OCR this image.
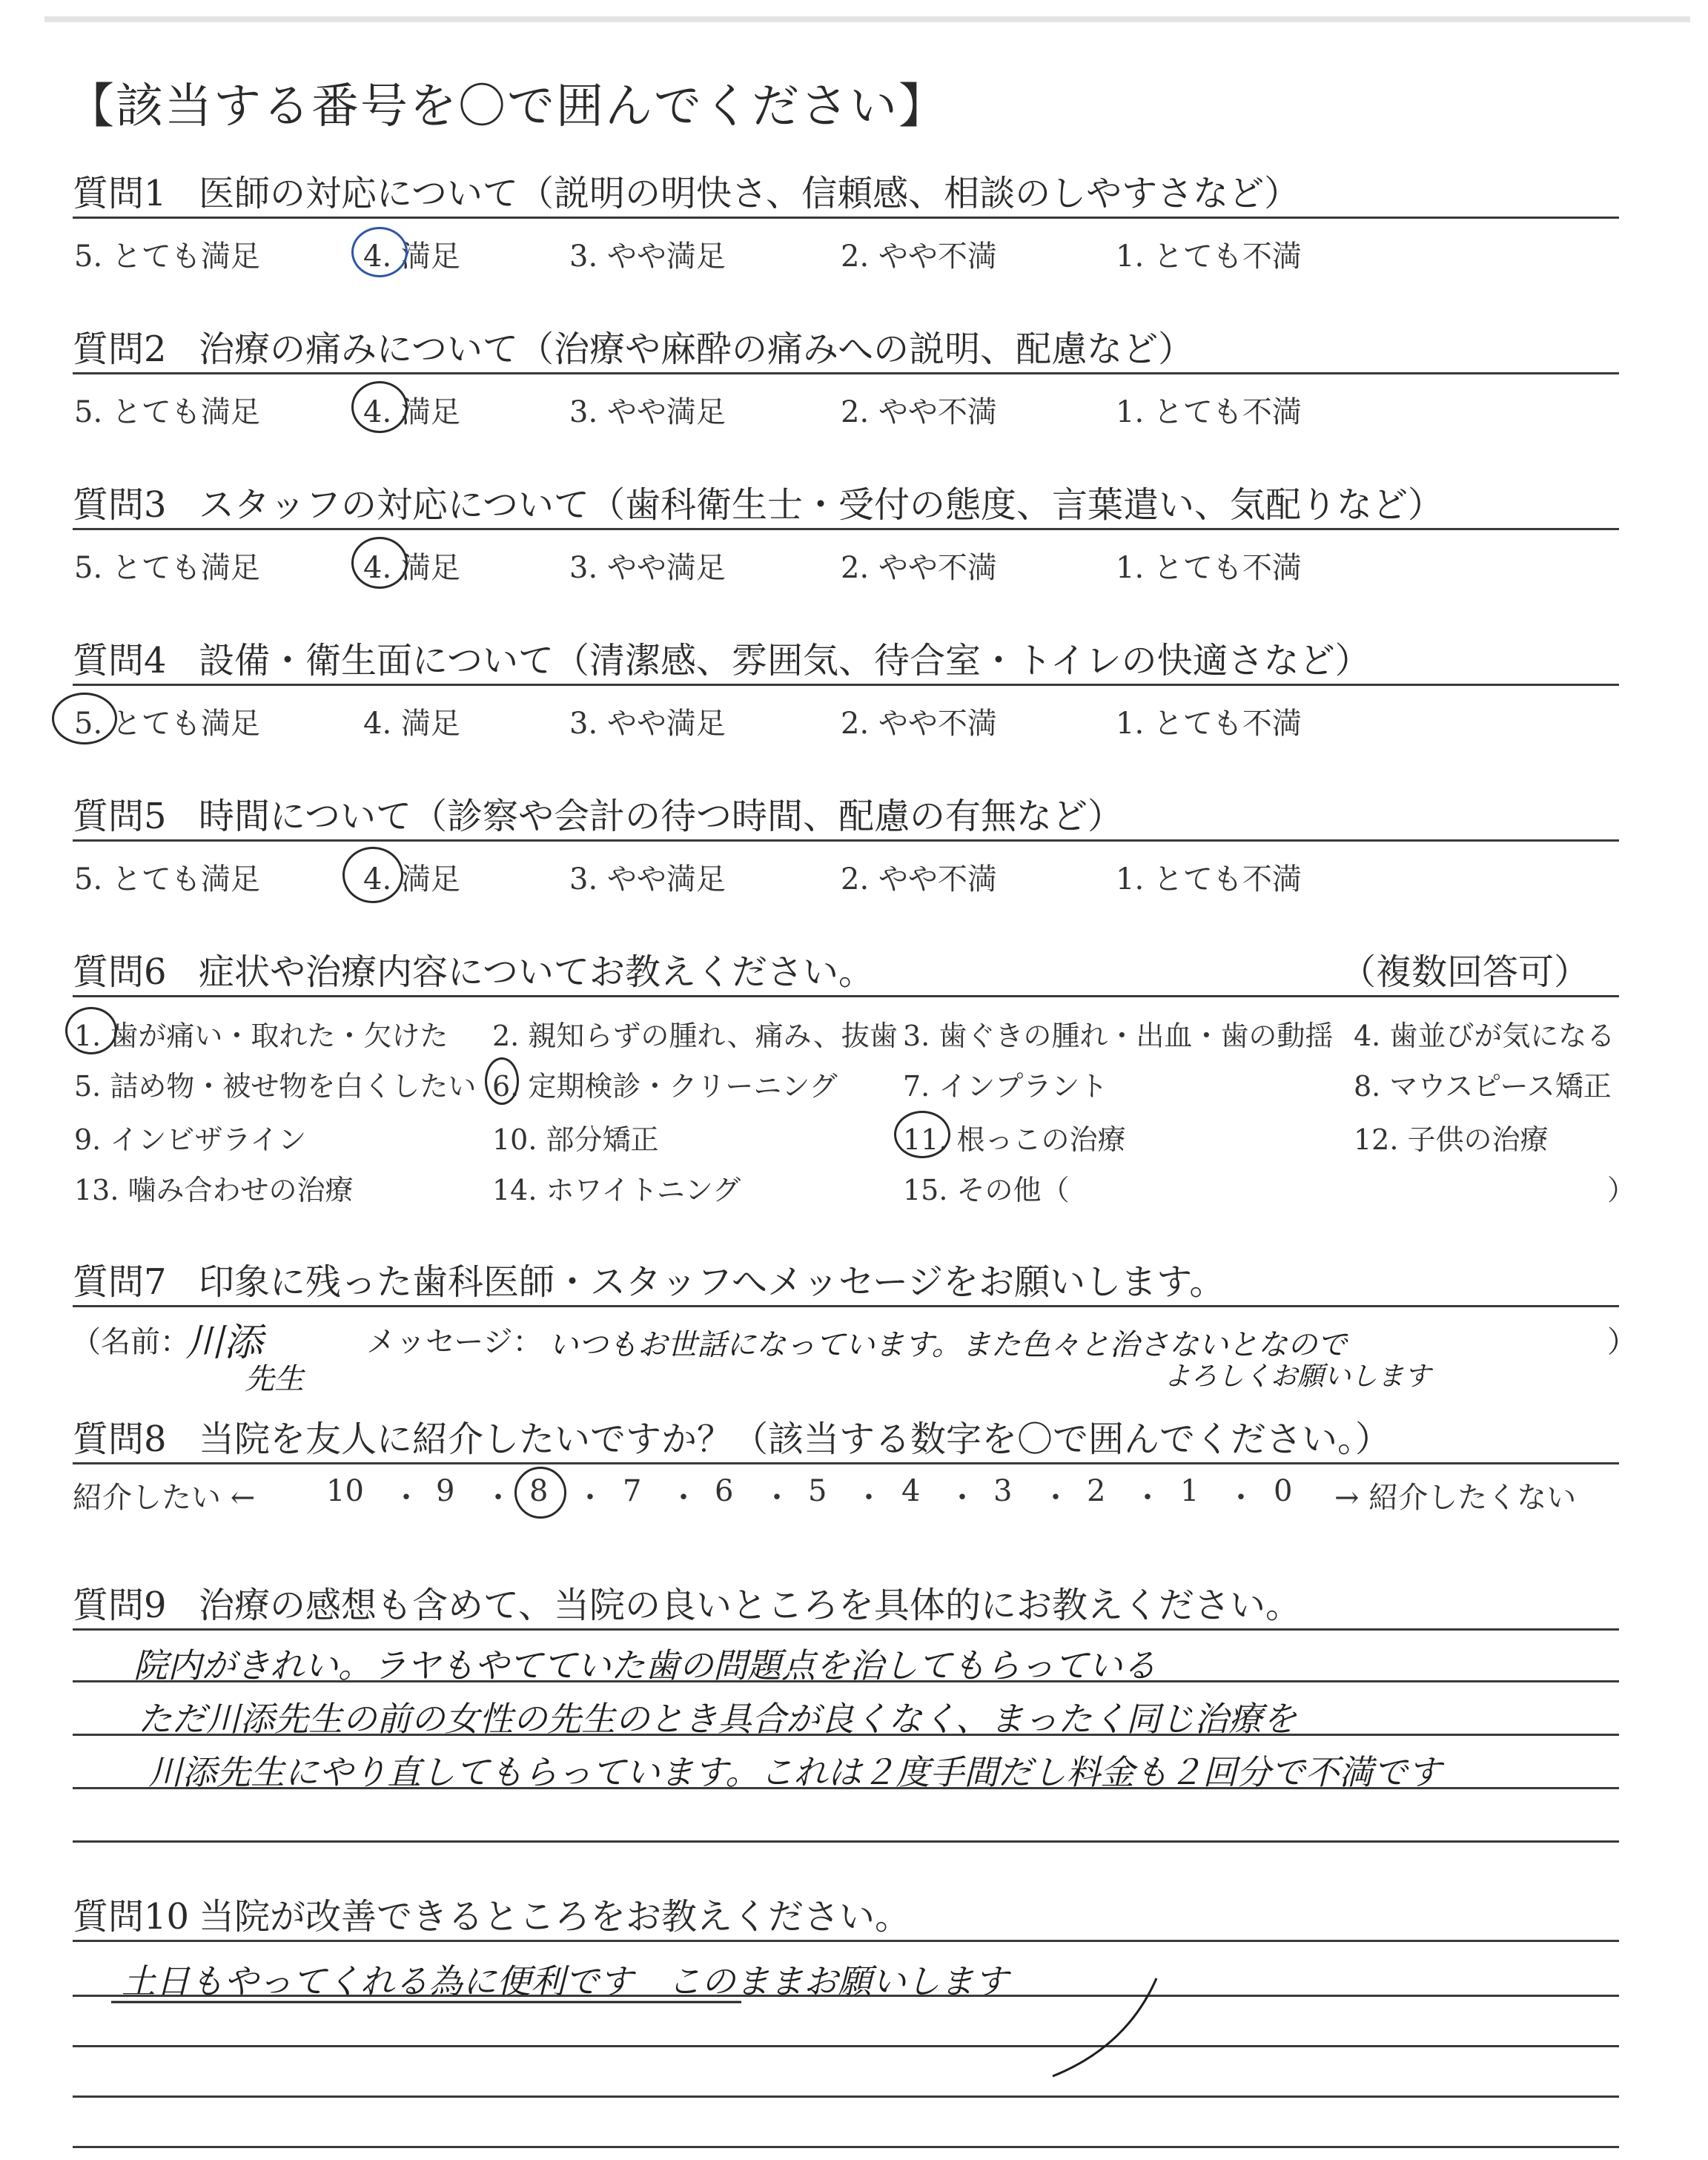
【該当する番号を〇で囲んでください】
質問1 医師の対応について（説明の明快さ、信頼感、相談のしやすさなど）
5. とても満足	4. 満足	3. やや満足	2. やや不満	1. とても不満
質問2 治療の痛みについて（治療や麻酔の痛みへの説明、配慮など）
5. とても満足	4. 満足	3. やや満足	2. やや不満	1. とても不満
質問3 スタッフの対応について（歯科衛生士・受付の態度、言葉遣い、気配りなど）
5. とても満足	4. 満足	3. やや満足	2. やや不満	1. とても不満
質問4 設備・衛生面について（清潔感、雰囲気、待合室・トイレの快適さなど）
5. とても満足	4. 満足	3. やや満足	2. やや不満	1. とても不満
質問5 時間について（診察や会計の待つ時間、配慮の有無など）
5. とても満足	4. 満足	3. やや満足	2. やや不満	1. とても不満
質問6 症状や治療内容についてお教えください。	（複数回答可）
1. 歯が痛い・取れた・欠けた 2. 親知らずの腫れ、痛み、抜歯 3. 歯ぐきの腫れ・出血・歯の動揺 4. 歯並びが気になる
5. 詰め物・被せ物を白くしたい 6. 定期検診・クリーニング 7. インプラント	8. マウスピース矯正
9. インビザライン	10. 部分矯正	11. 根っこの治療	12. 子供の治療
13. 噛み合わせの治療	14. ホワイトニング	15. その他（	）
質問7 印象に残った歯科医師・スタッフへメッセージをお願いします。
（名前：
川添
先生
メッセージ： いつもお世話になっています。また色々と治さないとなので
よろしくお願いします
）
質問8 当院を友人に紹介したいですか？（該当する数字を〇で囲んでください。）
紹介したい ← 10 ・ 9 ・ 8 ・ 7 ・ 6 ・ 5 ・ 4 ・ 3 ・ 2 ・ 1 ・ 0 → 紹介したくない
質問9 治療の感想も含めて、当院の良いところを具体的にお教えください。
院内がきれい。ラヤもやてていた歯の問題点を治してもらっている
ただ川添先生の前の女性の先生のとき具合が良くなく、まったく同じ治療を
川添先生にやり直してもらっています。これは２度手間だし料金も２回分で不満です
質問10 当院が改善できるところをお教えください。
土日もやってくれる為に便利です　このままお願いします
